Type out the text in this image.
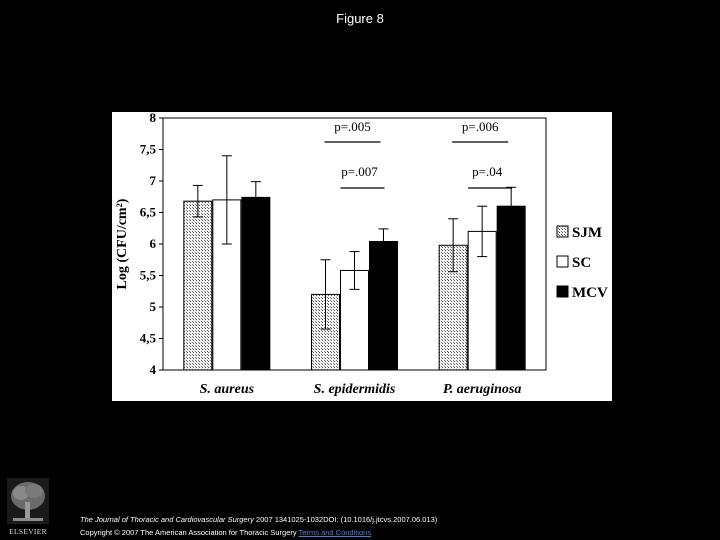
Figure 8
4
4,5
5
5,5
6
6,5
7
7,5
8
Log (CFU/cm²)
S. aureus	S. epidermidis	P. aeruginosa
p=.005
p=.007
p=.006
p=.04
SJM
SC
MCV
ELSEVIER
The Journal of Thoracic and Cardiovascular Surgery 2007 1341025-1032DOI: (10.1016/j.jtcvs.2007.06.013)
Copyright © 2007 The American Association for Thoracic Surgery Terms and Conditions
